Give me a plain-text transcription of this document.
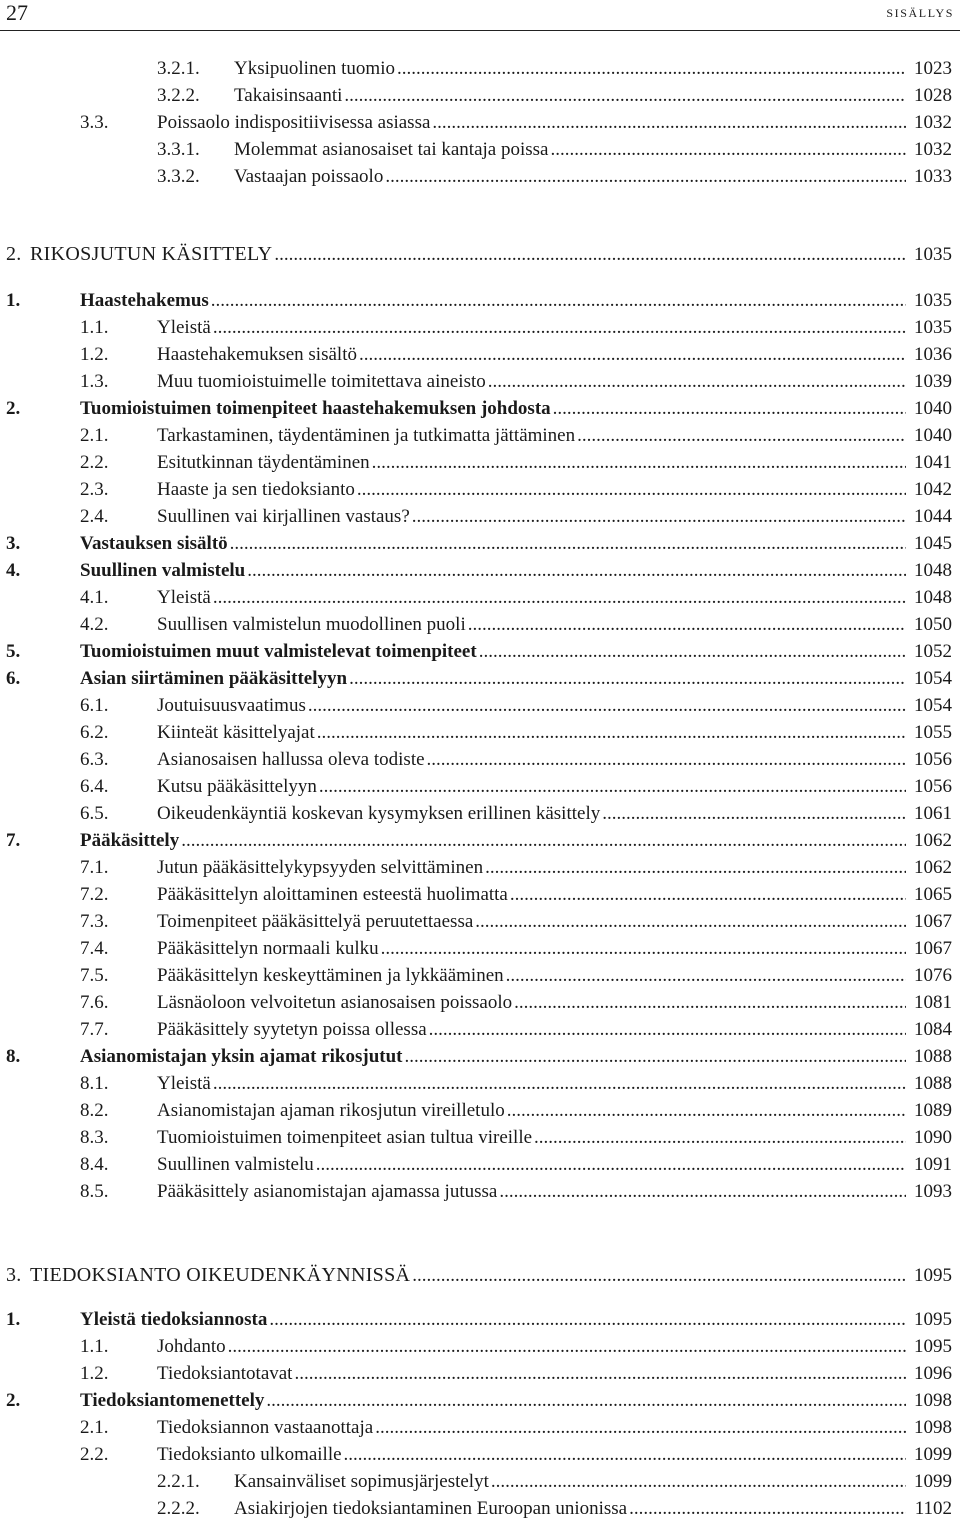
27	sisällys
3.2.1. Yksipuolinen tuomio .....	1023
3.2.2. Takaisinsaanti .....	1028
3.3.	Poissaolo indispositiivisessa asiassa .....	1032
3.3.1. Molemmat asianosaiset tai kantaja poissa .....	1032
3.3.2. Vastaajan poissaolo .....	1033
2. RIKOSJUTUN KÄSITTELY .....	1035
1.	Haastehakemus .....	1035
1.1.	Yleistä .....	1035
1.2.	Haastehakemuksen sisältö .....	1036
1.3.	Muu tuomioistuimelle toimitettava aineisto .....	1039
2.	Tuomioistuimen toimenpiteet haastehakemuksen johdosta .....	1040
2.1.	Tarkastaminen, täydentäminen ja tutkimatta jättäminen .....	1040
2.2.	Esitutkinnan täydentäminen .....	1041
2.3.	Haaste ja sen tiedoksianto .....	1042
2.4.	Suullinen vai kirjallinen vastaus? .....	1044
3.	Vastauksen sisältö .....	1045
4.	Suullinen valmistelu .....	1048
4.1.	Yleistä .....	1048
4.2.	Suullisen valmistelun muodollinen puoli .....	1050
5.	Tuomioistuimen muut valmistelevat toimenpiteet .....	1052
6.	Asian siirtäminen pääkäsittelyyn .....	1054
6.1.	Joutuisuusvaatimus .....	1054
6.2.	Kiinteät käsittelyajat .....	1055
6.3.	Asianosaisen hallussa oleva todiste .....	1056
6.4.	Kutsu pääkäsittelyyn .....	1056
6.5.	Oikeudenkäyntiä koskevan kysymyksen erillinen käsittely .....	1061
7.	Pääkäsittely .....	1062
7.1.	Jutun pääkäsittelykypsyyden selvittäminen .....	1062
7.2.	Pääkäsittelyn aloittaminen esteestä huolimatta .....	1065
7.3.	Toimenpiteet pääkäsittelyä peruutettaessa .....	1067
7.4.	Pääkäsittelyn normaali kulku .....	1067
7.5.	Pääkäsittelyn keskeyttäminen ja lykkääminen .....	1076
7.6.	Läsnäoloon velvoitetun asianosaisen poissaolo .....	1081
7.7.	Pääkäsittely syytetyn poissa ollessa .....	1084
8.	Asianomistajan yksin ajamat rikosjutut .....	1088
8.1.	Yleistä .....	1088
8.2.	Asianomistajan ajaman rikosjutun vireilletulo .....	1089
8.3.	Tuomioistuimen toimenpiteet asian tultua vireille .....	1090
8.4.	Suullinen valmistelu .....	1091
8.5.	Pääkäsittely asianomistajan ajamassa jutussa .....	1093
3. TIEDOKSIANTO OIKEUDENKÄYNNISSÄ .....	1095
1.	Yleistä tiedoksiannosta .....	1095
1.1.	Johdanto .....	1095
1.2.	Tiedoksiantotavat .....	1096
2.	Tiedoksiantomenettely .....	1098
2.1.	Tiedoksiannon vastaanottaja .....	1098
2.2.	Tiedoksianto ulkomaille .....	1099
2.2.1. Kansainväliset sopimusjärjestelyt .....	1099
2.2.2. Asiakirjojen tiedoksiantaminen Euroopan unionissa .....	1102
